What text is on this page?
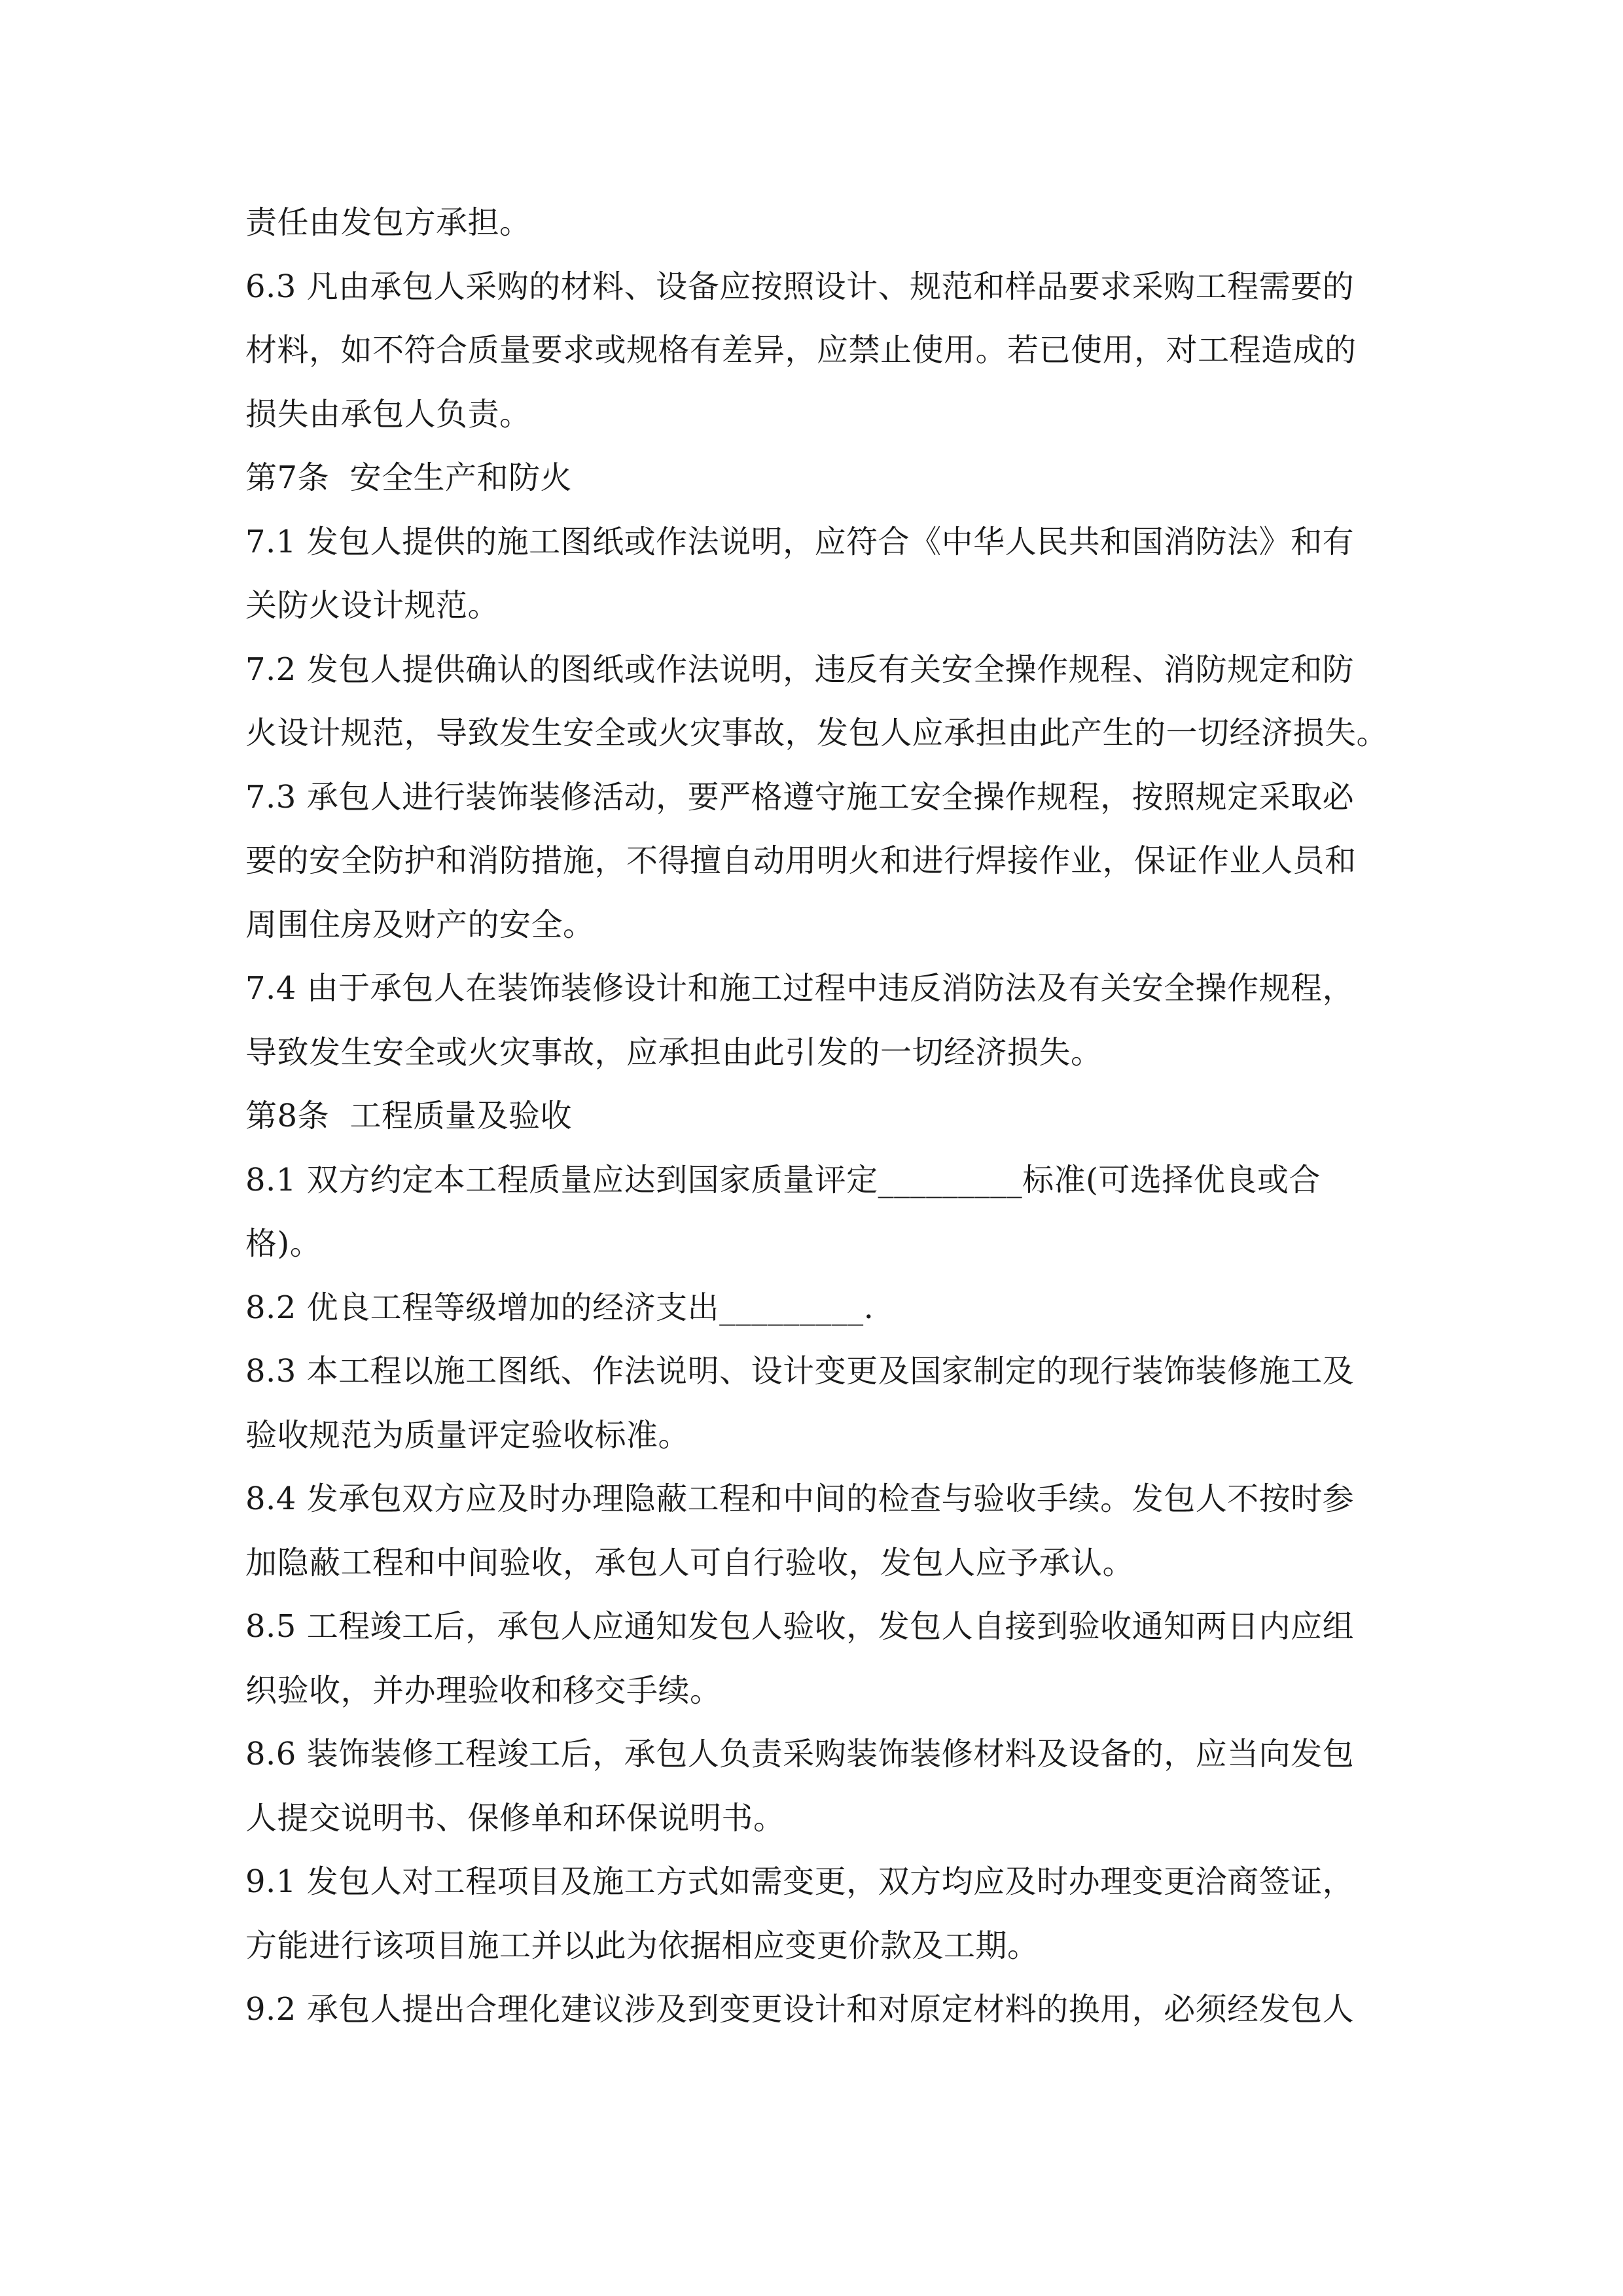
责任由发包方承担。
6.3 凡由承包人采购的材料、设备应按照设计、规范和样品要求采购工程需要的
材料，如不符合质量要求或规格有差异，应禁止使用。若已使用，对工程造成的
损失由承包人负责。
第7条  安全生产和防火
7.1 发包人提供的施工图纸或作法说明，应符合《中华人民共和国消防法》和有
关防火设计规范。
7.2 发包人提供确认的图纸或作法说明，违反有关安全操作规程、消防规定和防
火设计规范，导致发生安全或火灾事故，发包人应承担由此产生的一切经济损失。
7.3 承包人进行装饰装修活动，要严格遵守施工安全操作规程，按照规定采取必
要的安全防护和消防措施，不得擅自动用明火和进行焊接作业，保证作业人员和
周围住房及财产的安全。
7.4 由于承包人在装饰装修设计和施工过程中违反消防法及有关安全操作规程，
导致发生安全或火灾事故，应承担由此引发的一切经济损失。
第8条  工程质量及验收
8.1 双方约定本工程质量应达到国家质量评定_________标准(可选择优良或合
格)。
8.2 优良工程等级增加的经济支出_________.
8.3 本工程以施工图纸、作法说明、设计变更及国家制定的现行装饰装修施工及
验收规范为质量评定验收标准。
8.4 发承包双方应及时办理隐蔽工程和中间的检查与验收手续。发包人不按时参
加隐蔽工程和中间验收，承包人可自行验收，发包人应予承认。
8.5 工程竣工后，承包人应通知发包人验收，发包人自接到验收通知两日内应组
织验收，并办理验收和移交手续。
8.6 装饰装修工程竣工后，承包人负责采购装饰装修材料及设备的，应当向发包
人提交说明书、保修单和环保说明书。
9.1 发包人对工程项目及施工方式如需变更，双方均应及时办理变更洽商签证，
方能进行该项目施工并以此为依据相应变更价款及工期。
9.2 承包人提出合理化建议涉及到变更设计和对原定材料的换用，必须经发包人
